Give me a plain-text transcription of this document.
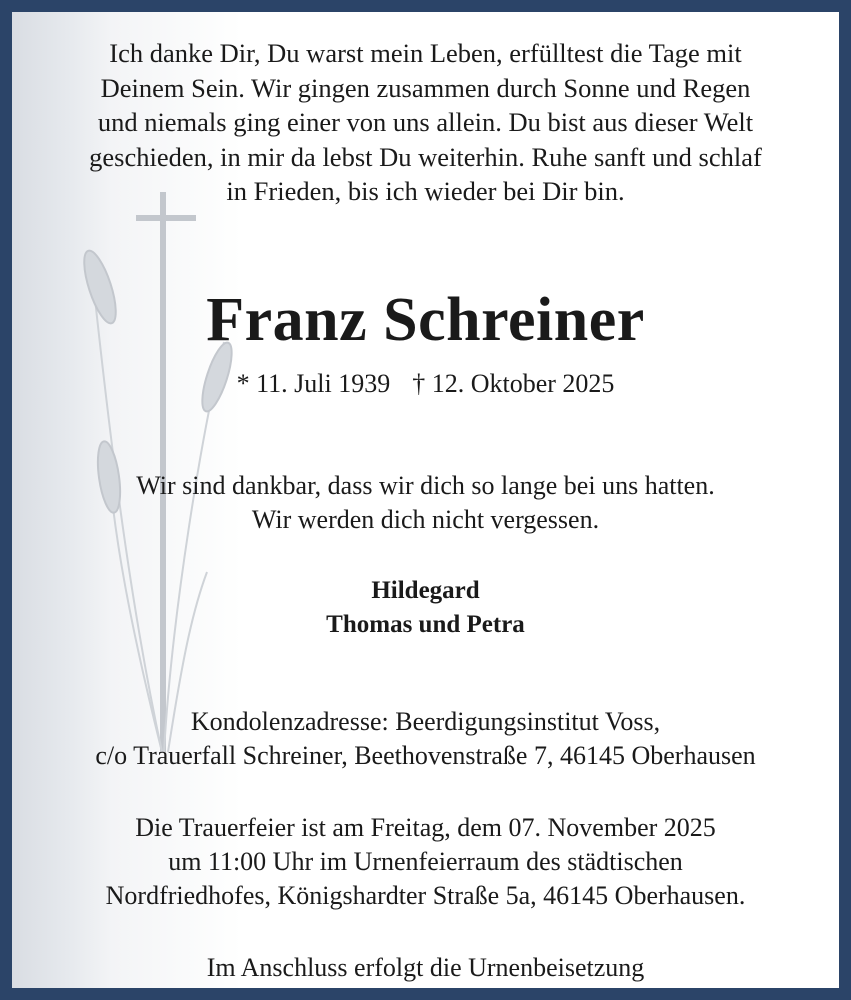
Ich danke Dir, Du warst mein Leben, erfülltest die Tage mit
Deinem Sein. Wir gingen zusammen durch Sonne und Regen
und niemals ging einer von uns allein. Du bist aus dieser Welt
geschieden, in mir da lebst Du weiterhin. Ruhe sanft und schlaf
in Frieden, bis ich wieder bei Dir bin.
Franz Schreiner
* 11. Juli 1939 † 12. Oktober 2025
Wir sind dankbar, dass wir dich so lange bei uns hatten.
Wir werden dich nicht vergessen.
Hildegard
Thomas und Petra
Kondolenzadresse: Beerdigungsinstitut Voss,
c/o Trauerfall Schreiner, Beethovenstraße 7, 46145 Oberhausen
Die Trauerfeier ist am Freitag, dem 07. November 2025
um 11:00 Uhr im Urnenfeierraum des städtischen
Nordfriedhofes, Königshardter Straße 5a, 46145 Oberhausen.
Im Anschluss erfolgt die Urnenbeisetzung
